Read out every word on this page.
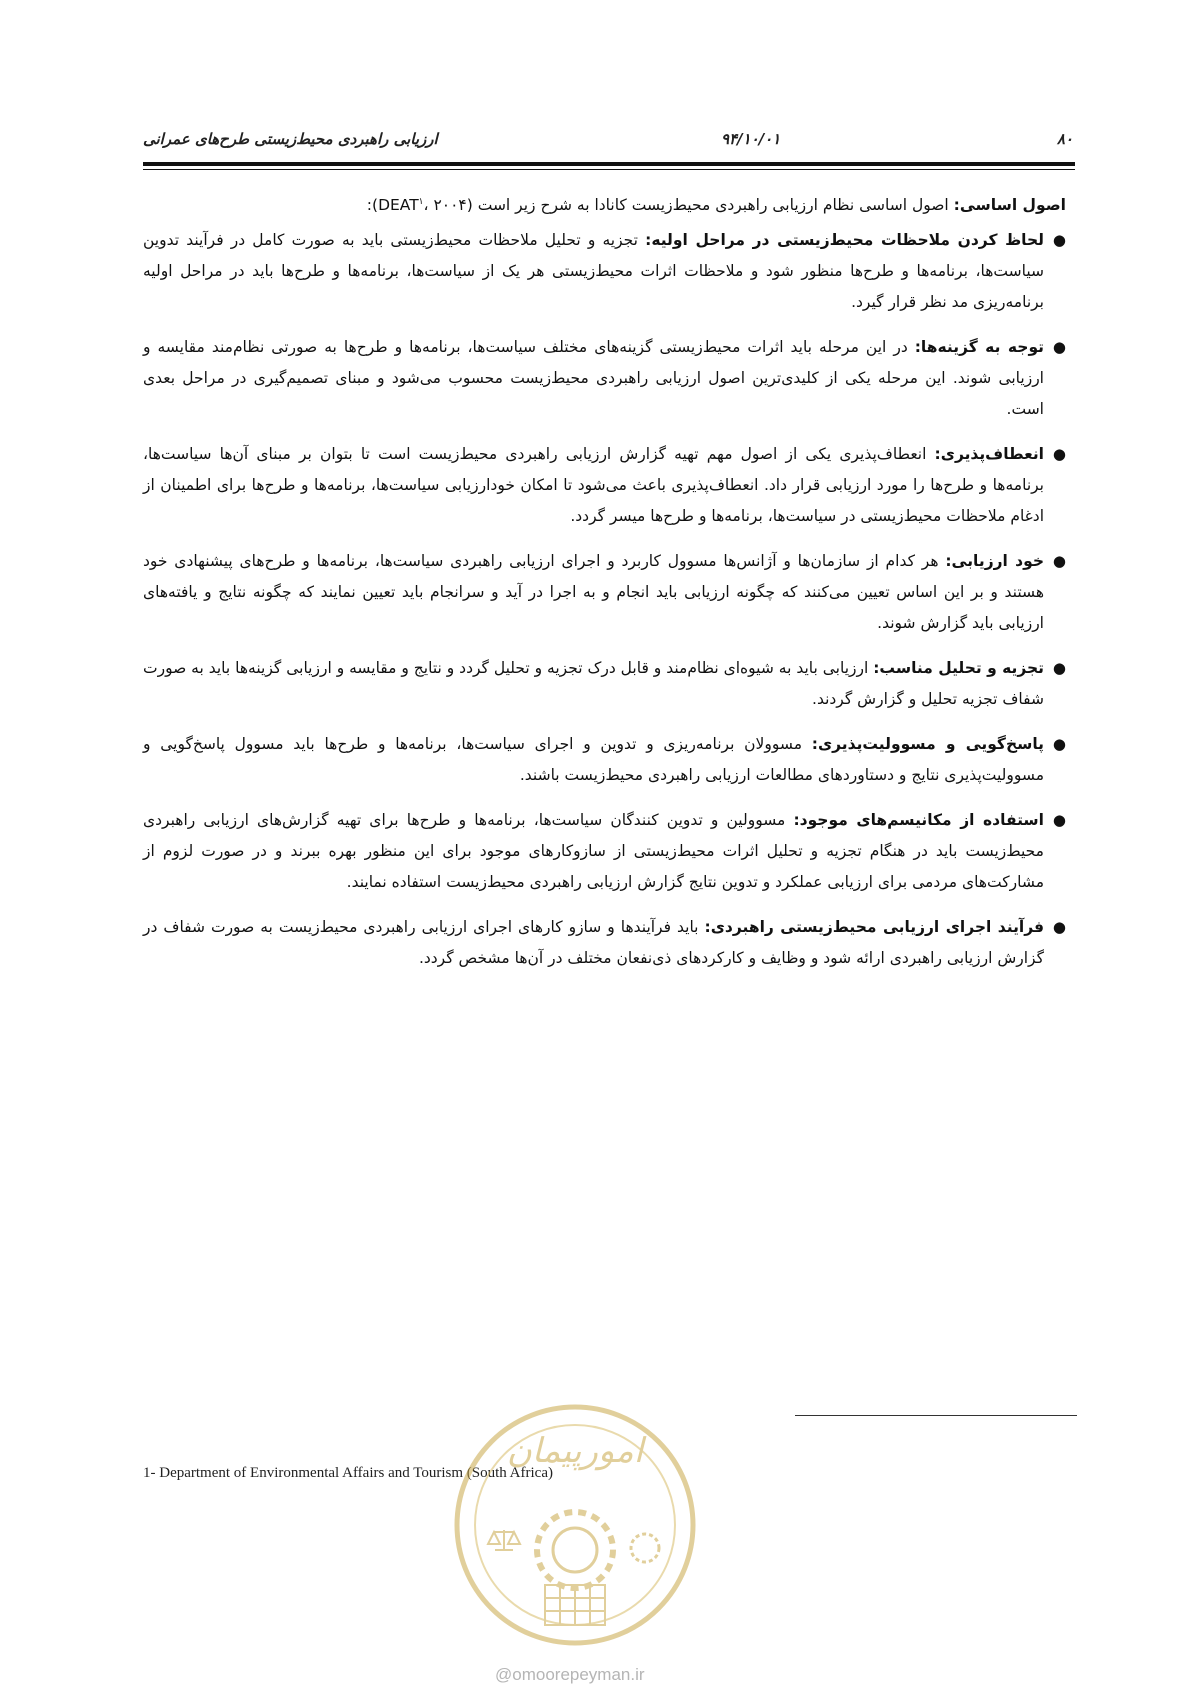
ارزیابی راهبردی محیط‌زیستی طرح‌های عمرانی	۹۴/۱۰/۰۱	۸۰

اصول اساسی: اصول اساسی نظام ارزیابی راهبردی محیط‌زیست کانادا به شرح زیر است (DEAT$^۱$، ۲۰۰۴):

●
لحاظ کردن ملاحظات محیط‌زیستی در مراحل اولیه: تجزیه و تحلیل ملاحظات محیط‌زیستی باید به صورت کامل در فرآیند تدوین سیاست‌ها، برنامه‌ها و طرح‌ها منظور شود و ملاحظات اثرات محیط‌زیستی هر یک از سیاست‌ها، برنامه‌ها و طرح‌ها باید در مراحل اولیه برنامه‌ریزی مد نظر قرار گیرد.
●
توجه به گزینه‌ها: در این مرحله باید اثرات محیط‌زیستی گزینه‌های مختلف سیاست‌ها، برنامه‌ها و طرح‌ها به صورتی نظام‌مند مقایسه و ارزیابی شوند. این مرحله یکی از کلیدی‌ترین اصول ارزیابی راهبردی محیط‌زیست محسوب می‌شود و مبنای تصمیم‌گیری در مراحل بعدی است.
●
انعطاف‌پذیری: انعطاف‌پذیری یکی از اصول مهم تهیه گزارش ارزیابی راهبردی محیط‌زیست است تا بتوان بر مبنای آن‌ها سیاست‌ها، برنامه‌ها و طرح‌ها را مورد ارزیابی قرار داد. انعطاف‌پذیری باعث می‌شود تا امکان خودارزیابی سیاست‌ها، برنامه‌ها و طرح‌ها برای اطمینان از ادغام ملاحظات محیط‌زیستی در سیاست‌ها، برنامه‌ها و طرح‌ها میسر گردد.
●
خود ارزیابی: هر کدام از سازمان‌ها و آژانس‌ها مسوول کاربرد و اجرای ارزیابی راهبردی سیاست‌ها، برنامه‌ها و طرح‌های پیشنهادی خود هستند و بر این اساس تعیین می‌کنند که چگونه ارزیابی باید انجام و به اجرا در آید و سرانجام باید تعیین نمایند که چگونه نتایج و یافته‌های ارزیابی باید گزارش شوند.
●
تجزیه و تحلیل مناسب: ارزیابی باید به شیوه‌ای نظام‌مند و قابل درک تجزیه و تحلیل گردد و نتایج و مقایسه و ارزیابی گزینه‌ها باید به صورت شفاف تجزیه تحلیل و گزارش گردند.
●
پاسخ‌گویی و مسوولیت‌پذیری: مسوولان برنامه‌ریزی و تدوین و اجرای سیاست‌ها، برنامه‌ها و طرح‌ها باید مسوول پاسخ‌گویی و مسوولیت‌پذیری نتایج و دستاوردهای مطالعات ارزیابی راهبردی محیط‌زیست باشند.
●
استفاده از مکانیسم‌های موجود: مسوولین و تدوین کنندگان سیاست‌ها، برنامه‌ها و طرح‌ها برای تهیه گزارش‌های ارزیابی راهبردی محیط‌زیست باید در هنگام تجزیه و تحلیل اثرات محیط‌زیستی از سازوکارهای موجود برای این منظور بهره ببرند و در صورت لزوم از مشارکت‌های مردمی برای ارزیابی عملکرد و تدوین نتایج گزارش ارزیابی راهبردی محیط‌زیست استفاده نمایند.
●
فرآیند اجرای ارزیابی محیط‌زیستی راهبردی: باید فرآیندها و سازو کارهای اجرای ارزیابی راهبردی محیط‌زیست به صورت شفاف در گزارش ارزیابی راهبردی ارائه شود و وظایف و کارکردهای ذی‌نفعان مختلف در آن‌ها مشخص گردد.
1- Department of Environmental Affairs and Tourism (South Africa)
امورپیمان
@omoorepeyman.ir
